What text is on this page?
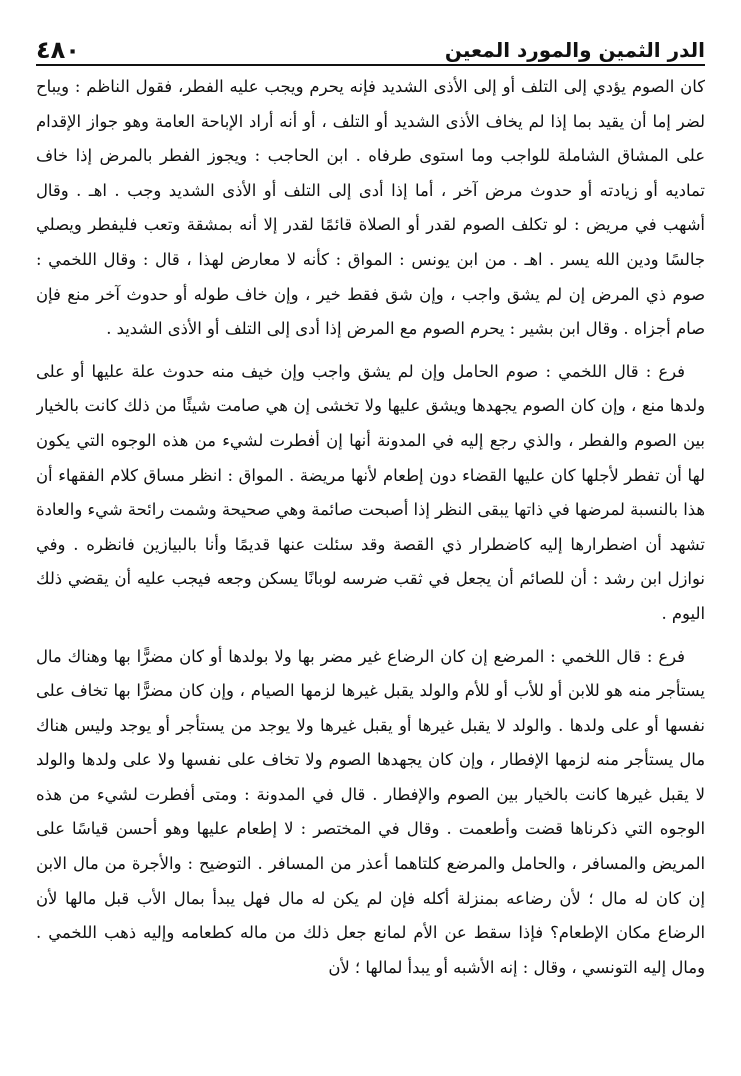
٤٨٠	الدر الثمين والمورد المعين

كان الصوم يؤدي إلى التلف أو إلى الأذى الشديد فإنه يحرم ويجب عليه الفطر، فقول الناظم : ويباح لضر إما أن يقيد بما إذا لم يخاف الأذى الشديد أو التلف ، أو أنه أراد الإباحة العامة وهو جواز الإقدام على المشاق الشاملة للواجب وما استوى طرفاه . ابن الحاجب : ويجوز الفطر بالمرض إذا خاف تماديه أو زيادته أو حدوث مرض آخر ، أما إذا أدى إلى التلف أو الأذى الشديد وجب . اهـ . وقال أشهب في مريض : لو تكلف الصوم لقدر أو الصلاة قائمًا لقدر إلا أنه بمشقة وتعب فليفطر ويصلي جالسًا ودين الله يسر . اهـ . من ابن يونس : المواق : كأنه لا معارض لهذا ، قال : وقال اللخمي : صوم ذي المرض إن لم يشق واجب ، وإن شق فقط خير ، وإن خاف طوله أو حدوث آخر منع فإن صام أجزاه . وقال ابن بشير : يحرم الصوم مع المرض إذا أدى إلى التلف أو الأذى الشديد .

فرع : قال اللخمي : صوم الحامل وإن لم يشق واجب وإن خيف منه حدوث علة عليها أو على ولدها منع ، وإن كان الصوم يجهدها ويشق عليها ولا تخشى إن هي صامت شيئًا من ذلك كانت بالخيار بين الصوم والفطر ، والذي رجع إليه في المدونة أنها إن أفطرت لشيء من هذه الوجوه التي يكون لها أن تفطر لأجلها كان عليها القضاء دون إطعام لأنها مريضة . المواق : انظر مساق كلام الفقهاء أن هذا بالنسبة لمرضها في ذاتها يبقى النظر إذا أصبحت صائمة وهي صحيحة وشمت رائحة شيء والعادة تشهد أن اضطرارها إليه كاضطرار ذي القصة وقد سئلت عنها قديمًا وأنا بالبيازين فانظره . وفي نوازل ابن رشد : أن للصائم أن يجعل في ثقب ضرسه لوبانًا يسكن وجعه فيجب عليه أن يقضي ذلك اليوم .

فرع : قال اللخمي : المرضع إن كان الرضاع غير مضر بها ولا بولدها أو كان مضرًّا بها وهناك مال يستأجر منه هو للابن أو للأب أو للأم والولد يقبل غيرها لزمها الصيام ، وإن كان مضرًّا بها تخاف على نفسها أو على ولدها . والولد لا يقبل غيرها أو يقبل غيرها ولا يوجد من يستأجر أو يوجد وليس هناك مال يستأجر منه لزمها الإفطار ، وإن كان يجهدها الصوم ولا تخاف على نفسها ولا على ولدها والولد لا يقبل غيرها كانت بالخيار بين الصوم والإفطار . قال في المدونة : ومتى أفطرت لشيء من هذه الوجوه التي ذكرناها قضت وأطعمت . وقال في المختصر : لا إطعام عليها وهو أحسن قياسًا على المريض والمسافر ، والحامل والمرضع كلتاهما أعذر من المسافر . التوضيح : والأجرة من مال الابن إن كان له مال ؛ لأن رضاعه بمنزلة أكله فإن لم يكن له مال فهل يبدأ بمال الأب قبل مالها لأن الرضاع مكان الإطعام؟ فإذا سقط عن الأم لمانع جعل ذلك من ماله كطعامه وإليه ذهب اللخمي . ومال إليه التونسي ، وقال : إنه الأشبه أو يبدأ لمالها ؛ لأن
